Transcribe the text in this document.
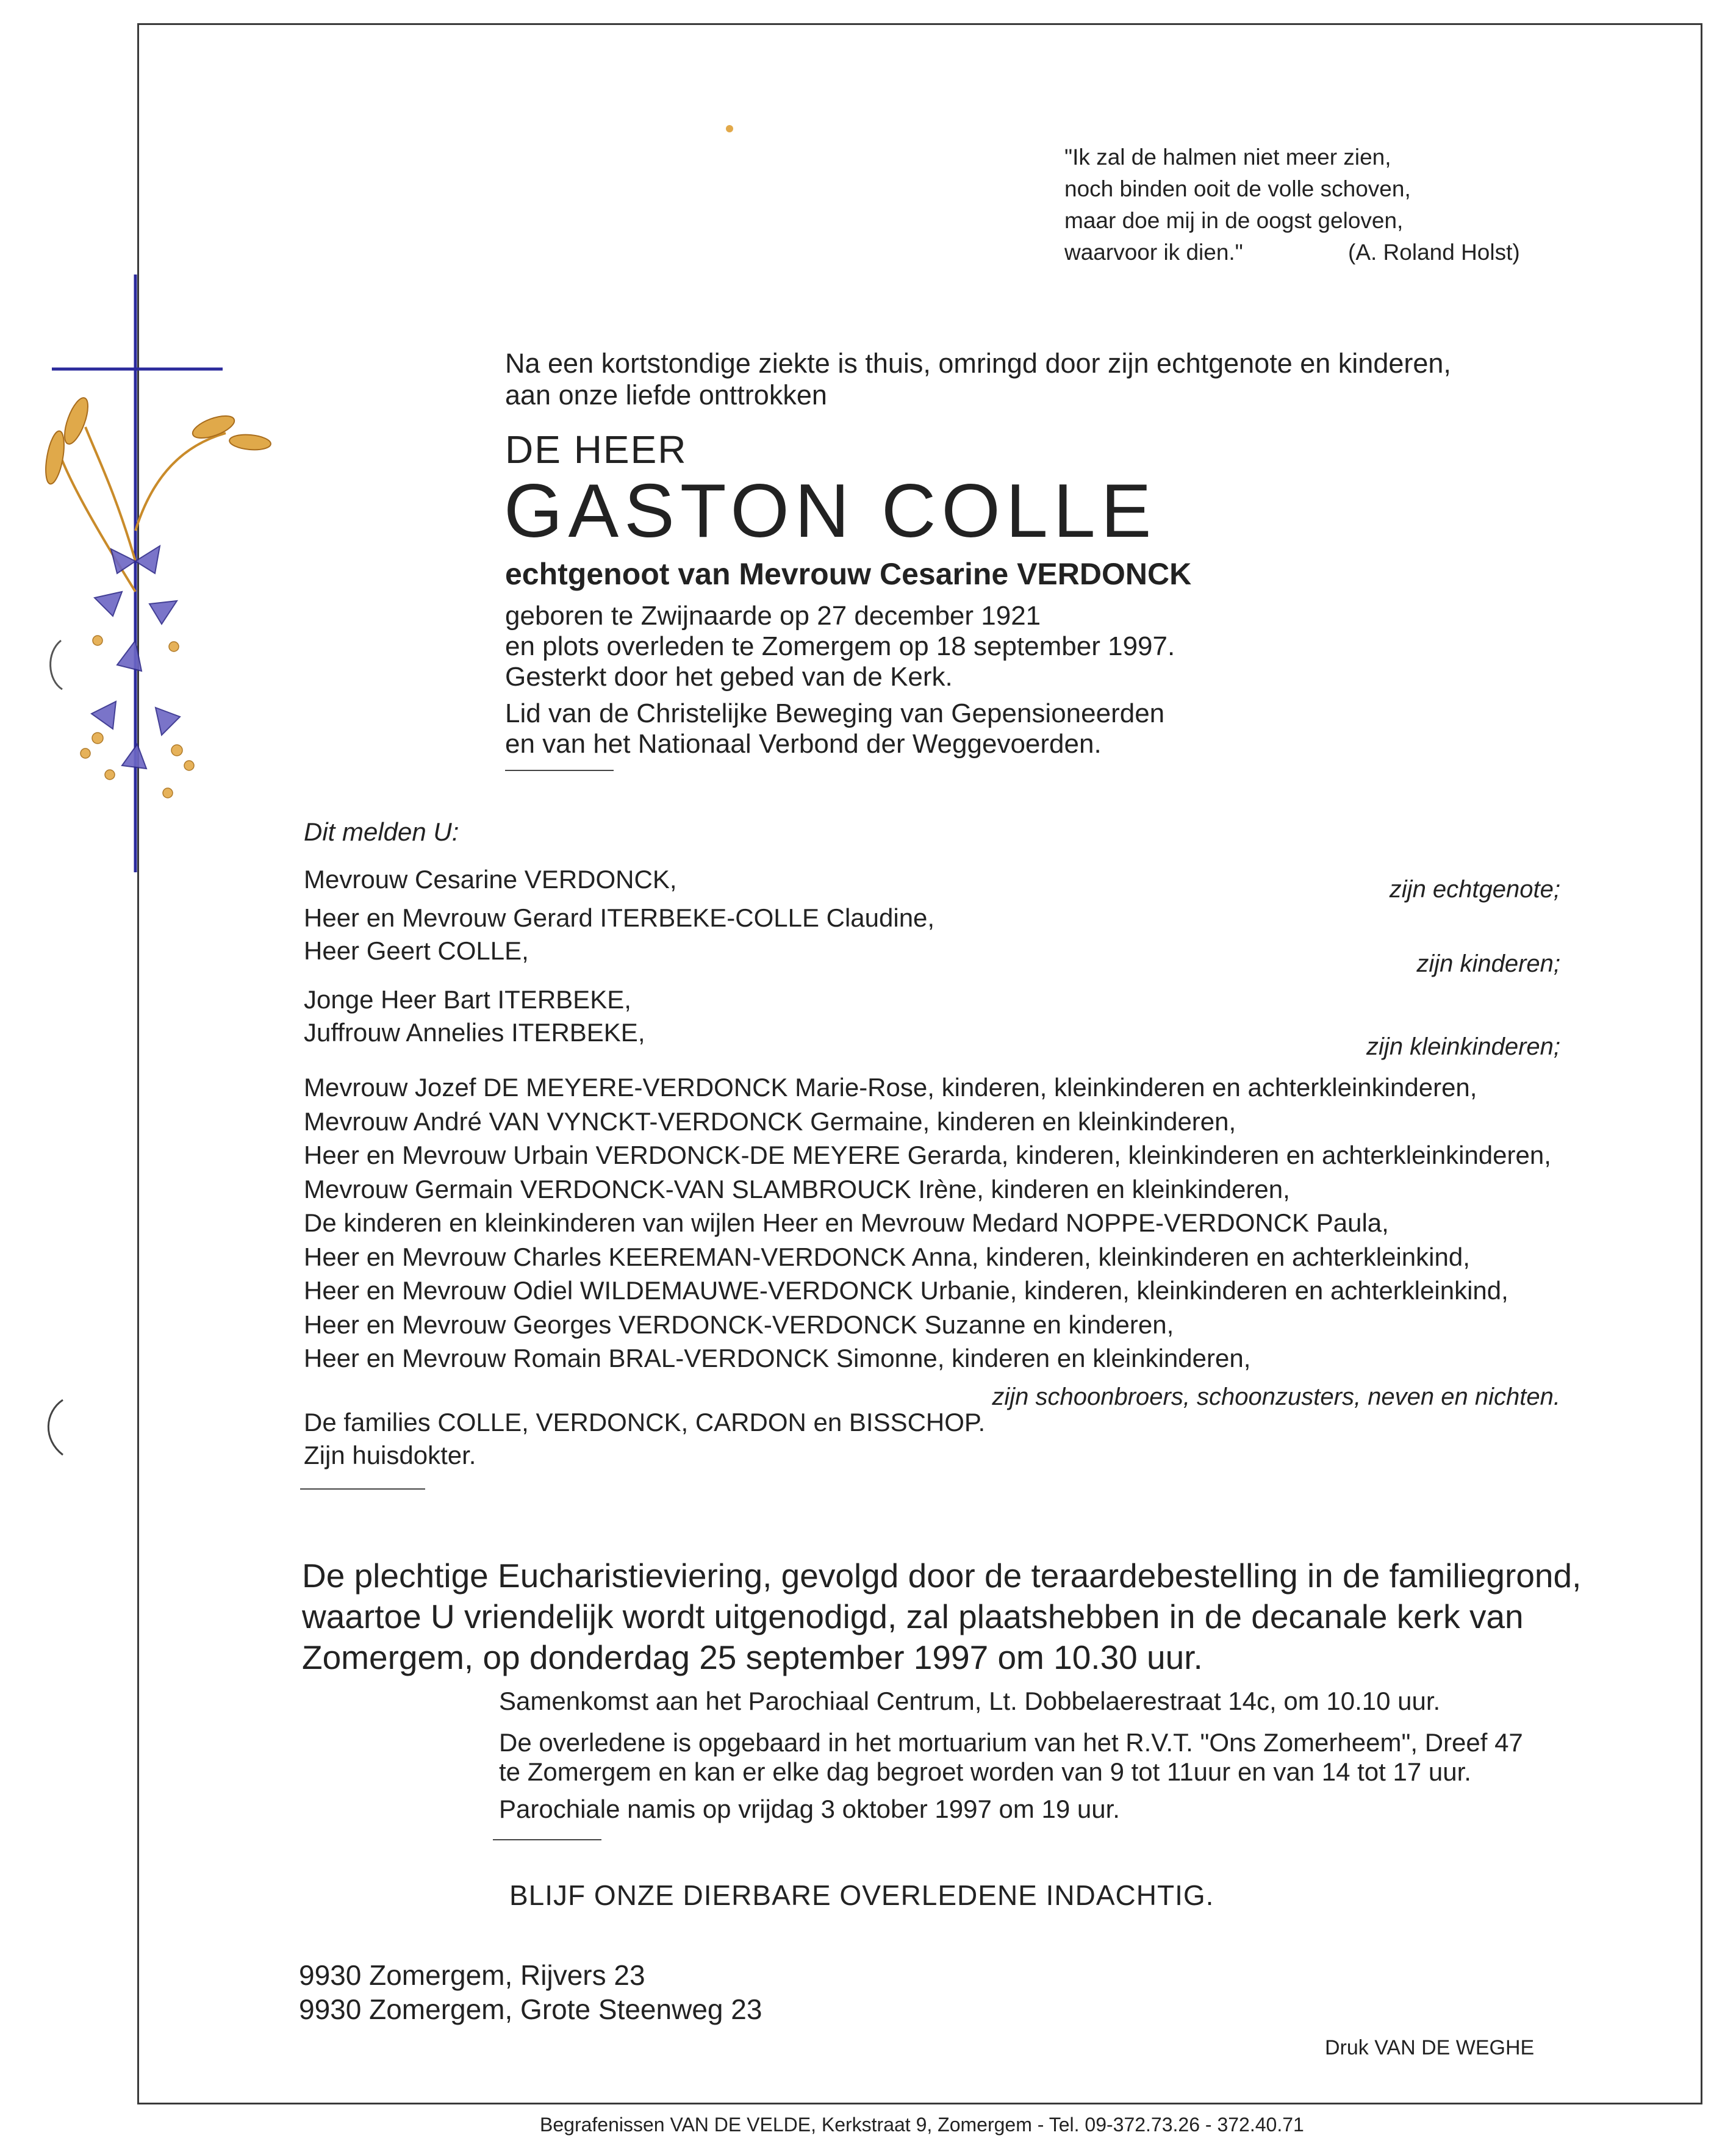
"Ik zal de halmen niet meer zien,
noch binden ooit de volle schoven,
maar doe mij in de oogst geloven,
waarvoor ik dien."	(A. Roland Holst)
Na een kortstondige ziekte is thuis, omringd door zijn echtgenote en kinderen,
aan onze liefde onttrokken
DE HEER
GASTON COLLE
echtgenoot van Mevrouw Cesarine VERDONCK
geboren te Zwijnaarde op 27 december 1921
en plots overleden te Zomergem op 18 september 1997.
Gesterkt door het gebed van de Kerk.
Lid van de Christelijke Beweging van Gepensioneerden
en van het Nationaal Verbond der Weggevoerden.
Dit melden U:
Mevrouw Cesarine VERDONCK,	zijn echtgenote;
Heer en Mevrouw Gerard ITERBEKE-COLLE Claudine,
Heer Geert COLLE,	zijn kinderen;
Jonge Heer Bart ITERBEKE,
Juffrouw Annelies ITERBEKE,	zijn kleinkinderen;
Mevrouw Jozef DE MEYERE-VERDONCK Marie-Rose, kinderen, kleinkinderen en achterkleinkinderen,
Mevrouw André VAN VYNCKT-VERDONCK Germaine, kinderen en kleinkinderen,
Heer en Mevrouw Urbain VERDONCK-DE MEYERE Gerarda, kinderen, kleinkinderen en achterkleinkinderen,
Mevrouw Germain VERDONCK-VAN SLAMBROUCK Irène, kinderen en kleinkinderen,
De kinderen en kleinkinderen van wijlen Heer en Mevrouw Medard NOPPE-VERDONCK Paula,
Heer en Mevrouw Charles KEEREMAN-VERDONCK Anna, kinderen, kleinkinderen en achterkleinkind,
Heer en Mevrouw Odiel WILDEMAUWE-VERDONCK Urbanie, kinderen, kleinkinderen en achterkleinkind,
Heer en Mevrouw Georges VERDONCK-VERDONCK Suzanne en kinderen,
Heer en Mevrouw Romain BRAL-VERDONCK Simonne, kinderen en kleinkinderen,
zijn schoonbroers, schoonzusters, neven en nichten.
De families COLLE, VERDONCK, CARDON en BISSCHOP.
Zijn huisdokter.
De plechtige Eucharistieviering, gevolgd door de teraardebestelling in de familiegrond,
waartoe U vriendelijk wordt uitgenodigd, zal plaatshebben in de decanale kerk van
Zomergem, op donderdag 25 september 1997 om 10.30 uur.
Samenkomst aan het Parochiaal Centrum, Lt. Dobbelaerestraat 14c, om 10.10 uur.
De overledene is opgebaard in het mortuarium van het R.V.T. "Ons Zomerheem", Dreef 47
te Zomergem en kan er elke dag begroet worden van 9 tot 11uur en van 14 tot 17 uur.
Parochiale namis op vrijdag 3 oktober 1997 om 19 uur.
BLIJF ONZE DIERBARE OVERLEDENE INDACHTIG.
9930 Zomergem, Rijvers 23
9930 Zomergem, Grote Steenweg 23
Druk VAN DE WEGHE
Begrafenissen VAN DE VELDE, Kerkstraat 9, Zomergem - Tel. 09-372.73.26 - 372.40.71
